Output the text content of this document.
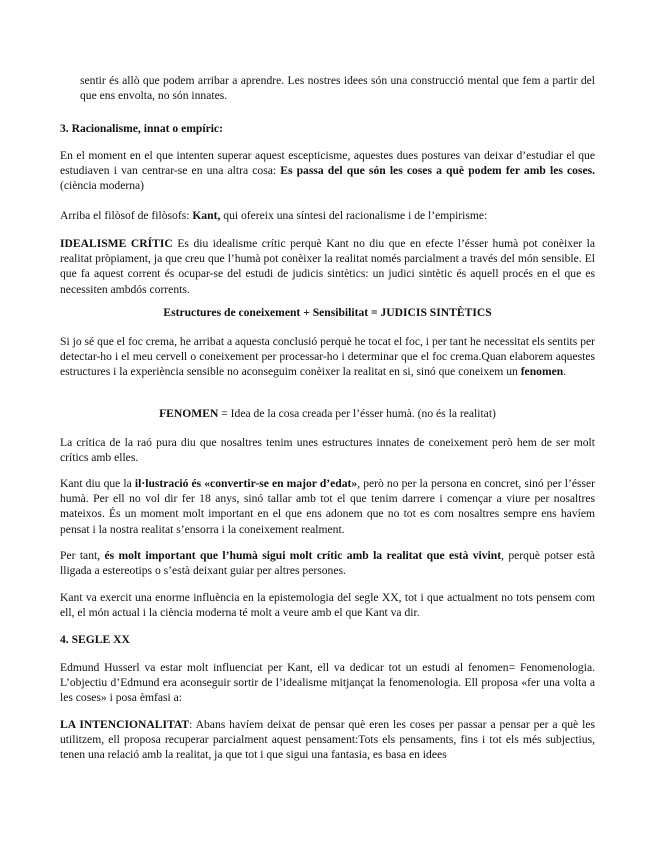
sentir és allò que podem arribar a aprendre. Les nostres idees són una construcció mental que fem a partir del que ens envolta, no són innates.

3. Racionalisme, innat o empíric:

En el moment en el que intenten superar aquest escepticisme, aquestes dues postures van deixar d’estudiar el que estudiaven i van centrar-se en una altra cosa: Es passa del que són les coses a què podem fer amb les coses. (ciència moderna)

Arriba el filòsof de filòsofs: Kant, qui ofereix una síntesi del racionalisme i de l’empirisme:

IDEALISME CRÍTIC Es diu idealisme crític perquè Kant no diu que en efecte l’ésser humà pot conèixer la realitat pròpiament, ja que creu que l’humà pot conèixer la realitat només parcialment a través del món sensible. El que fa aquest corrent és ocupar-se del estudi de judicis sintètics: un judici sintètic és aquell procés en el que es necessiten ambdós corrents.

Estructures de coneixement + Sensibilitat = JUDICIS SINTÈTICS

Si jo sé que el foc crema, he arribat a aquesta conclusió perquè he tocat el foc, i per tant he necessitat els sentits per detectar-ho i el meu cervell o coneixement per processar-ho i determinar que el foc crema.Quan elaborem aquestes estructures i la experiència sensible no aconseguim conèixer la realitat en si, sinó que coneixem un fenomen.

FENOMEN = Idea de la cosa creada per l’ésser humà. (no és la realitat)

La crítica de la raó pura diu que nosaltres tenim unes estructures innates de coneixement però hem de ser molt crítics amb elles.

Kant diu que la il·lustració és «convertir-se en major d’edat», però no per la persona en concret, sinó per l’ésser humà. Per ell no vol dir fer 18 anys, sinó tallar amb tot el que tenim darrere i començar a viure per nosaltres mateixos. És un moment molt important en el que ens adonem que no tot es com nosaltres sempre ens havíem pensat i la nostra realitat s’ensorra i la coneixement realment.

Per tant, és molt important que l’humà sigui molt crític amb la realitat que està vivint, perquè potser està lligada a estereotips o s’està deixant guiar per altres persones.

Kant va exercit una enorme influència en la epistemologia del segle XX, tot i que actualment no tots pensem com ell, el món actual i la ciència moderna té molt a veure amb el que Kant va dir.

4. SEGLE XX

Edmund Husserl va estar molt influenciat per Kant, ell va dedicar tot un estudi al fenomen= Fenomenologia. L’objectiu d’Edmund era aconseguir sortir de l’idealisme mitjançat la fenomenologia. Ell proposa «fer una volta a les coses» i posa èmfasi a:

LA INTENCIONALITAT: Abans havíem deixat de pensar què eren les coses per passar a pensar per a què les utilitzem, ell proposa recuperar parcialment aquest pensament:Tots els pensaments, fins i tot els més subjectius, tenen una relació amb la realitat, ja que tot i que sigui una fantasia, es basa en idees
